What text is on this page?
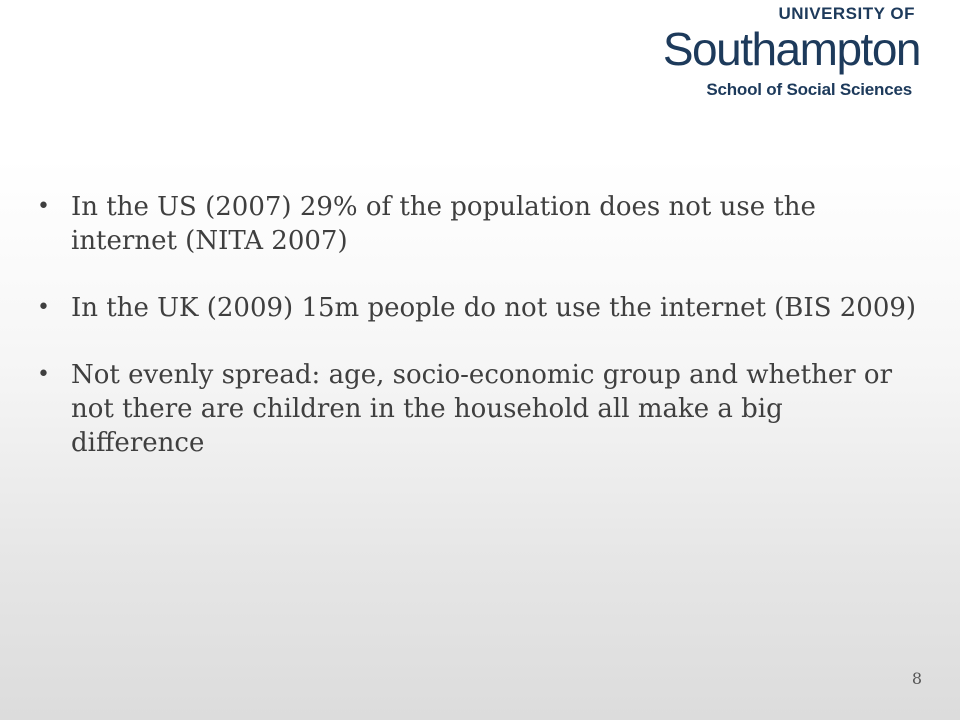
UNIVERSITY OF
Southampton
School of Social Sciences
• In the US (2007) 29% of the population does not use the internet (NITA 2007)
• In the UK (2009) 15m people do not use the internet (BIS 2009)
• Not evenly spread: age, socio-economic group and whether or not there are children in the household all make a big difference
8
